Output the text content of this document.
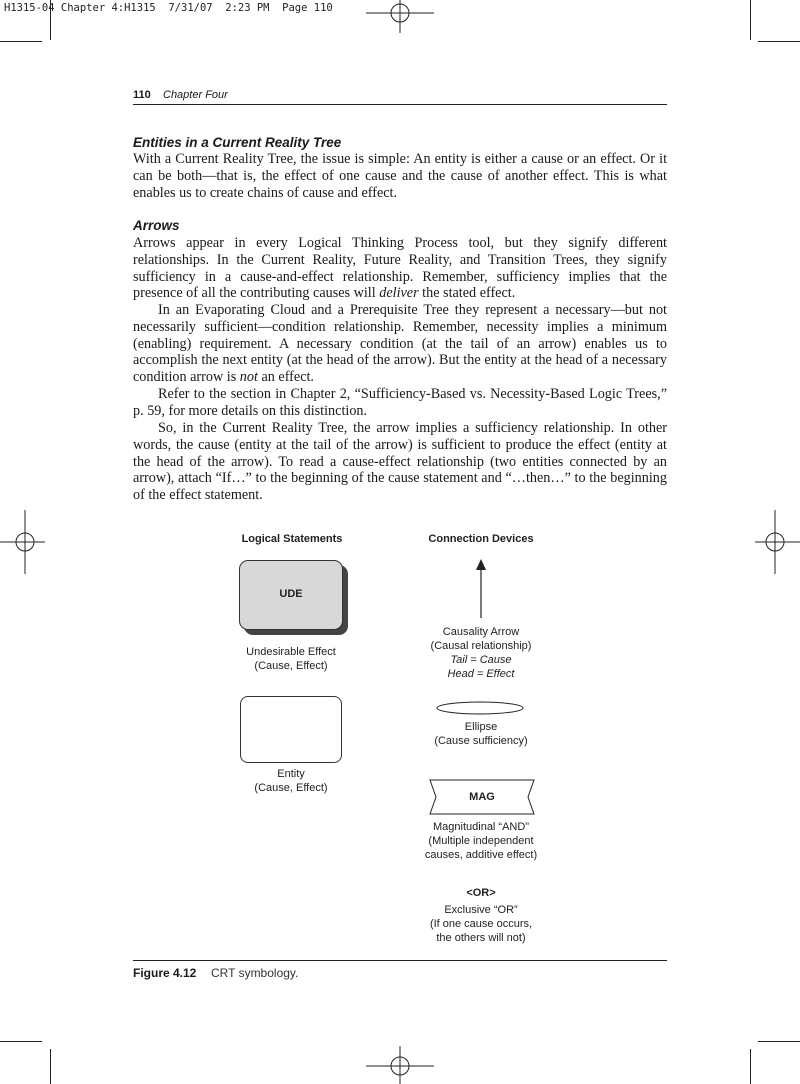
H1315-04 Chapter 4:H1315  7/31/07  2:23 PM  Page 110
110 Chapter Four
Entities in a Current Reality Tree
With a Current Reality Tree, the issue is simple: An entity is either a cause or an effect. Or it can be both—that is, the effect of one cause and the cause of another effect. This is what enables us to create chains of cause and effect.
Arrows
Arrows appear in every Logical Thinking Process tool, but they signify different relationships. In the Current Reality, Future Reality, and Transition Trees, they signify sufficiency in a cause-and-effect relationship. Remember, sufficiency implies that the presence of all the contributing causes will deliver the stated effect.
In an Evaporating Cloud and a Prerequisite Tree they represent a necessary—but not necessarily sufficient—condition relationship. Remember, necessity implies a minimum (enabling) requirement. A necessary condition (at the tail of an arrow) enables us to accomplish the next entity (at the head of the arrow). But the entity at the head of a necessary condition arrow is not an effect.
Refer to the section in Chapter 2, “Sufficiency-Based vs. Necessity-Based Logic Trees,” p. 59, for more details on this distinction.
So, in the Current Reality Tree, the arrow implies a sufficiency relationship. In other words, the cause (entity at the tail of the arrow) is sufficient to produce the effect (entity at the head of the arrow). To read a cause-effect relationship (two entities connected by an arrow), attach “If…” to the beginning of the cause statement and “…then…” to the beginning of the effect statement.
Logical Statements	Connection Devices
UDE
Undesirable Effect
(Cause, Effect)
Entity
(Cause, Effect)
Causality Arrow
(Causal relationship)
Tail = Cause
Head = Effect
Ellipse
(Cause sufficiency)
MAG
Magnitudinal “AND”
(Multiple independent
causes, additive effect)
<OR>
Exclusive “OR”
(If one cause occurs,
the others will not)
Figure 4.12 CRT symbology.
